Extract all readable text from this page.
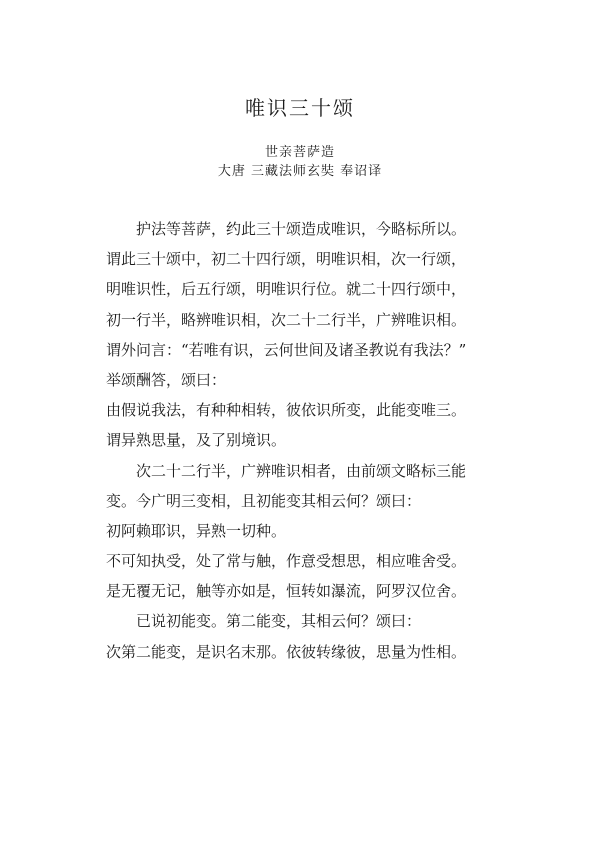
唯识三十颂
世亲菩萨造
大唐 三藏法师玄奘 奉诏译
护法等菩萨，约此三十颂造成唯识，今略标所以。
谓此三十颂中，初二十四行颂，明唯识相，次一行颂，
明唯识性，后五行颂，明唯识行位。就二十四行颂中，
初一行半，略辨唯识相，次二十二行半，广辨唯识相。
谓外问言：“若唯有识，云何世间及诸圣教说有我法？”
举颂酬答，颂曰：
由假说我法，有种种相转，彼依识所变，此能变唯三。
谓异熟思量，及了别境识。
次二十二行半，广辨唯识相者，由前颂文略标三能
变。今广明三变相，且初能变其相云何？颂曰：
初阿赖耶识，异熟一切种。
不可知执受，处了常与触，作意受想思，相应唯舍受。
是无覆无记，触等亦如是，恒转如瀑流，阿罗汉位舍。
已说初能变。第二能变，其相云何？颂曰：
次第二能变，是识名末那。依彼转缘彼，思量为性相。
